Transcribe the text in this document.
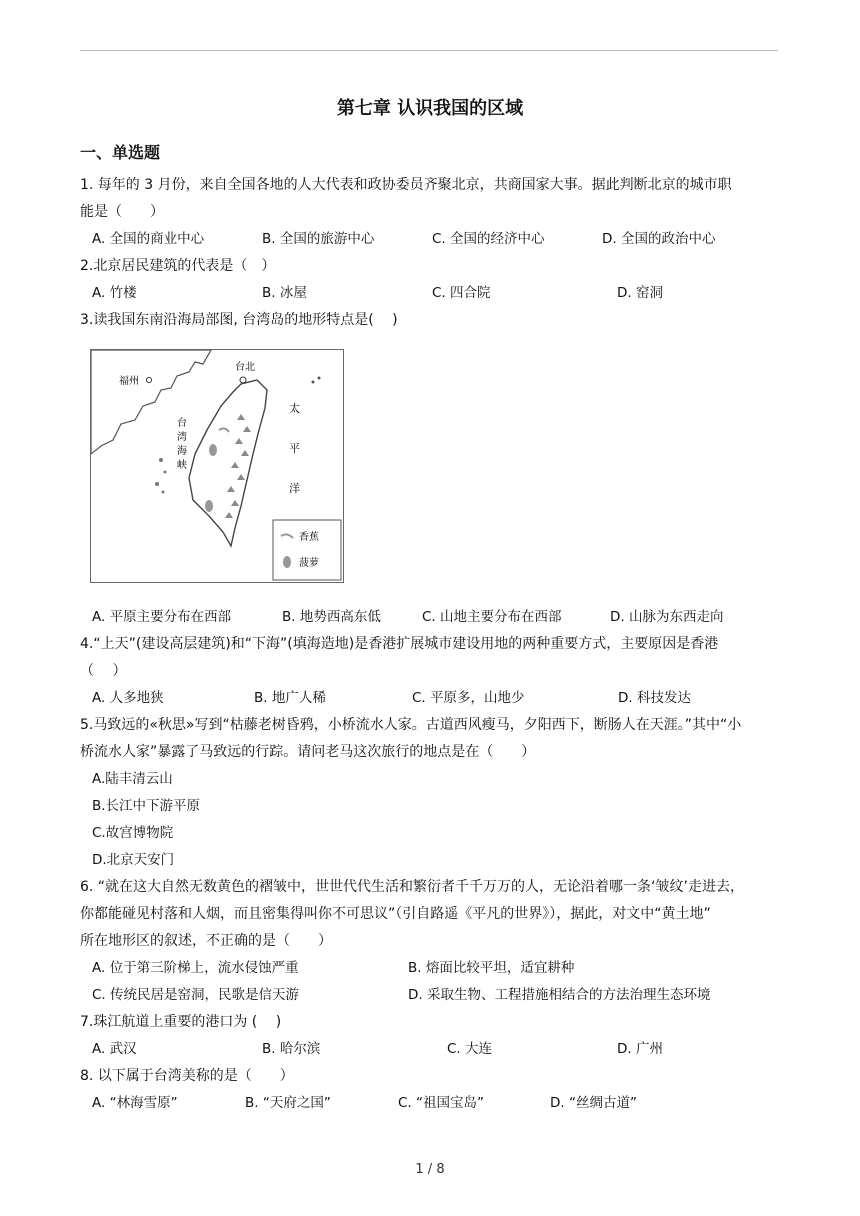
第七章 认识我国的区域
一、单选题
1. 每年的 3 月份，来自全国各地的人大代表和政协委员齐聚北京，共商国家大事。据此判断北京的城市职
能是（　　）
A. 全国的商业中心	B. 全国的旅游中心	C. 全国的经济中心	D. 全国的政治中心
2.北京居民建筑的代表是（　）
A. 竹楼	B. 冰屋	C. 四合院	D. 窑洞
3.读我国东南沿海局部图, 台湾岛的地形特点是(　 )
福州
台北
台
湾
海
峡
太
平
洋
香蕉
菠萝
A. 平原主要分布在西部	B. 地势西高东低	C. 山地主要分布在西部	D. 山脉为东西走向
4.“上天”(建设高层建筑)和“下海”(填海造地)是香港扩展城市建设用地的两种重要方式，主要原因是香港
（　 ）
A. 人多地狭	B. 地广人稀	C. 平原多，山地少	D. 科技发达
5.马致远的«秋思»写到“枯藤老树昏鸦，小桥流水人家。古道西风瘦马，夕阳西下，断肠人在天涯。”其中“小
桥流水人家”暴露了马致远的行踪。请问老马这次旅行的地点是在（　　）
A.陆丰清云山
B.长江中下游平原
C.故宫博物院
D.北京天安门
6. “就在这大自然无数黄色的褶皱中，世世代代生活和繁衍者千千万万的人，无论沿着哪一条‘皱纹’走进去，
你都能碰见村落和人烟，而且密集得叫你不可思议”（引自路遥《平凡的世界》），据此，对文中“黄土地”
所在地形区的叙述，不正确的是（　　）
A. 位于第三阶梯上，流水侵蚀严重	B. 熔面比较平坦，适宜耕种
C. 传统民居是窑洞，民歌是信天游	D. 采取生物、工程措施相结合的方法治理生态环境
7.珠江航道上重要的港口为 (　 )
A. 武汉	B. 哈尔滨	C. 大连	D. 广州
8. 以下属于台湾美称的是（　　）
A. “林海雪原”	B. “天府之国”	C. “祖国宝岛”	D. “丝绸古道”
1 / 8
